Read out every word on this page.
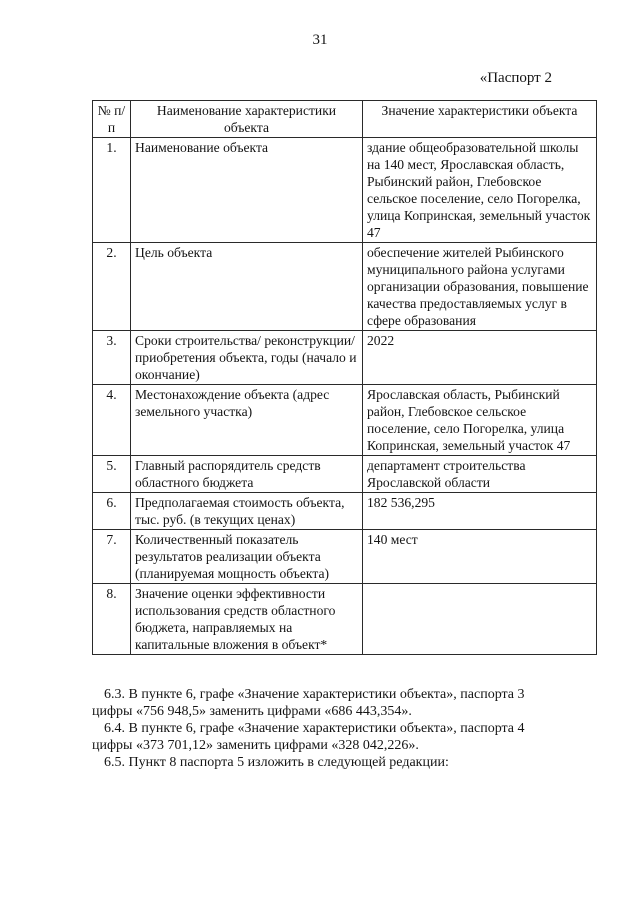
31
«Паспорт 2
№ п/п	Наименование характеристики объекта	Значение характеристики объекта
1.	Наименование объекта	здание общеобразовательной школы на 140 мест, Ярославская область, Рыбинский район, Глебовское сельское поселение, село Погорелка, улица Копринская, земельный участок 47
2.	Цель объекта	обеспечение жителей Рыбинского муниципального района услугами организации образования, повышение качества предоставляемых услуг в сфере образования
3.	Сроки строительства/ реконструкции/ приобретения объекта, годы (начало и окончание)	2022
4.	Местонахождение объекта (адрес земельного участка)	Ярославская область, Рыбинский район, Глебовское сельское поселение, село Погорелка, улица Копринская, земельный участок 47
5.	Главный распорядитель средств областного бюджета	департамент строительства Ярославской области
6.	Предполагаемая стоимость объекта, тыс. руб. (в текущих ценах)	182 536,295
7.	Количественный показатель результатов реализации объекта (планируемая мощность объекта)	140 мест
8.	Значение оценки эффективности использования средств областного бюджета, направляемых на капитальные вложения в объект*	
6.3. В пункте 6, графе «Значение характеристики объекта», паспорта 3
цифры «756 948,5» заменить цифрами «686 443,354».
6.4. В пункте 6, графе «Значение характеристики объекта», паспорта 4
цифры «373 701,12» заменить цифрами «328 042,226».
6.5. Пункт 8 паспорта 5 изложить в следующей редакции:
